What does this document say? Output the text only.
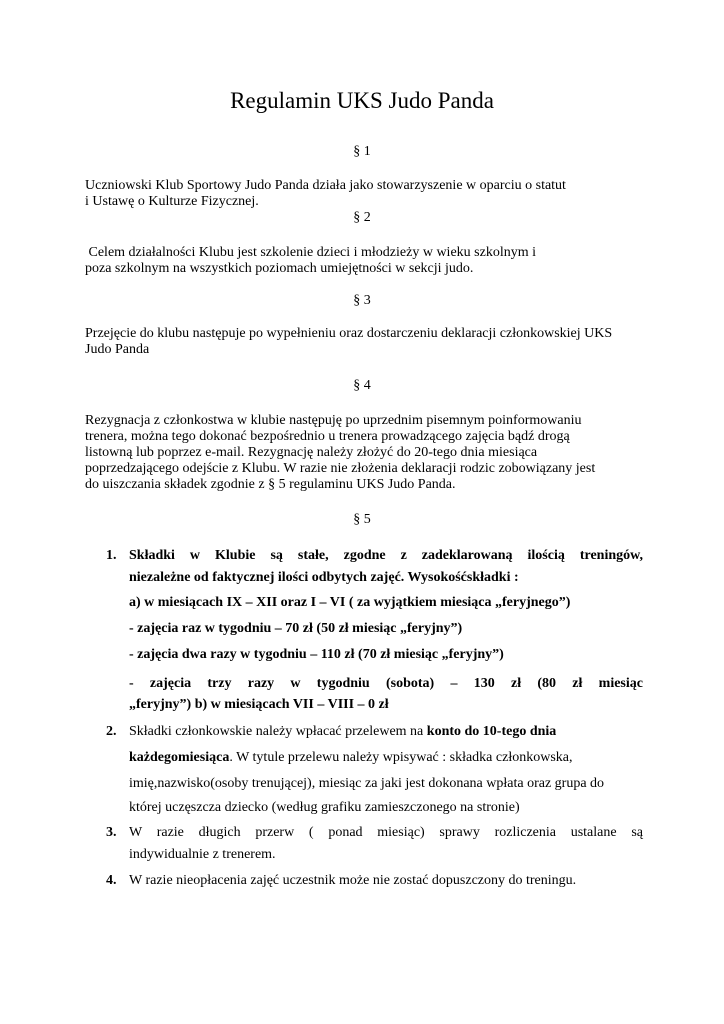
Regulamin UKS Judo Panda
§ 1

Uczniowski Klub Sportowy Judo Panda działa jako stowarzyszenie w oparciu o statut
i Ustawę o Kulturze Fizycznej.

§ 2

Celem działalności Klubu jest szkolenie dzieci i młodzieży w wieku szkolnym i
poza szkolnym na wszystkich poziomach umiejętności w sekcji judo.

§ 3

Przejęcie do klubu następuje po wypełnieniu oraz dostarczeniu deklaracji członkowskiej UKS
Judo Panda

§ 4

Rezygnacja z członkostwa w klubie następuję po uprzednim pisemnym poinformowaniu
trenera, można tego dokonać bezpośrednio u trenera prowadzącego zajęcia bądź drogą
listowną lub poprzez e-mail. Rezygnację należy złożyć do 20-tego dnia miesiąca
poprzedzającego odejście z Klubu. W razie nie złożenia deklaracji rodzic zobowiązany jest
do uiszczania składek zgodnie z § 5 regulaminu UKS Judo Panda.

§ 5
1. Składki w Klubie są stałe, zgodne z zadeklarowaną ilością treningów,
niezależne od faktycznej ilości odbytych zajęć. Wysokośćskładki :
a) w miesiącach IX – XII oraz I – VI ( za wyjątkiem miesiąca „feryjnego”)
- zajęcia raz w tygodniu – 70 zł (50 zł miesiąc „feryjny”)
- zajęcia dwa razy w tygodniu – 110 zł (70 zł miesiąc „feryjny”)
- zajęcia trzy razy w tygodniu (sobota) – 130 zł (80 zł miesiąc
„feryjny”) b) w miesiącach VII – VIII – 0 zł
2. Składki członkowskie należy wpłacać przelewem na konto do 10-tego dnia
każdegomiesiąca. W tytule przelewu należy wpisywać : składka członkowska,
imię,nazwisko(osoby trenującej), miesiąc za jaki jest dokonana wpłata oraz grupa do
której uczęszcza dziecko (według grafiku zamieszczonego na stronie)
3. W razie długich przerw ( ponad miesiąc) sprawy rozliczenia ustalane są
indywidualnie z trenerem.
4. W razie nieopłacenia zajęć uczestnik może nie zostać dopuszczony do treningu.
